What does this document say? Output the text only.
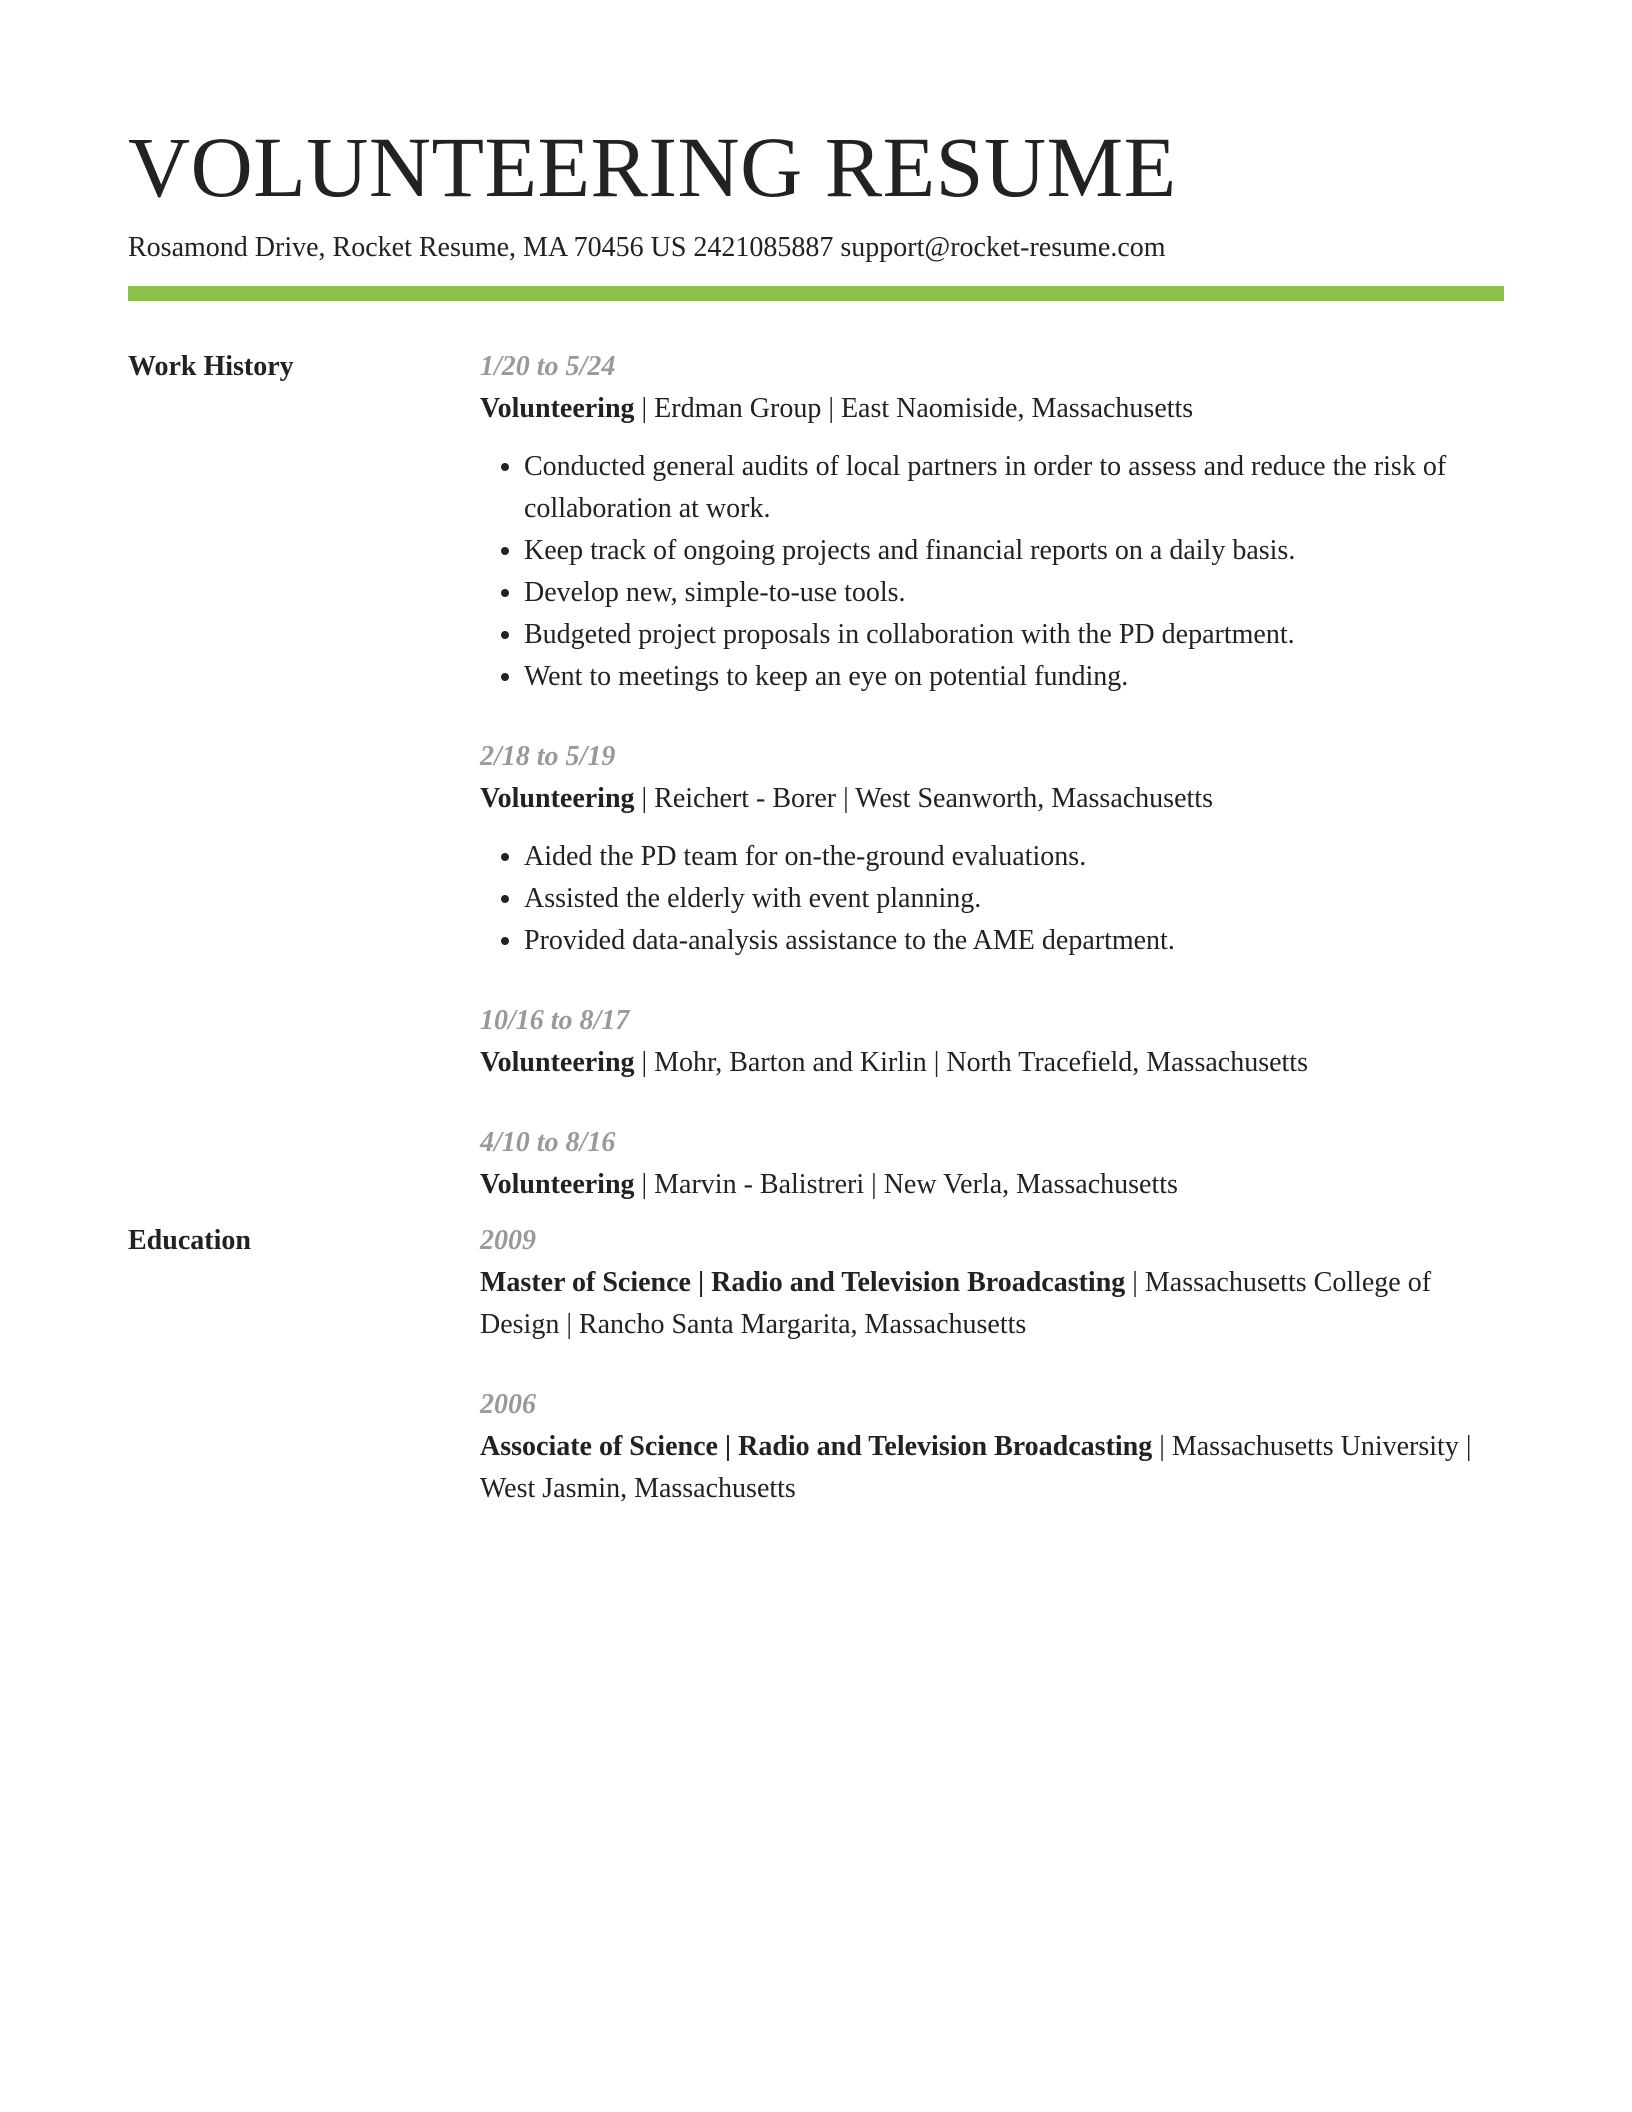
VOLUNTEERING RESUME
Rosamond Drive, Rocket Resume, MA 70456 US 2421085887 support@rocket-resume.com
Work History	1/20 to 5/24

Volunteering | Erdman Group | East Naomiside, Massachusetts

• Conducted general audits of local partners in order to assess and reduce the risk of collaboration at work.
• Keep track of ongoing projects and financial reports on a daily basis.
• Develop new, simple-to-use tools.
• Budgeted project proposals in collaboration with the PD department.
• Went to meetings to keep an eye on potential funding.

2/18 to 5/19

Volunteering | Reichert - Borer | West Seanworth, Massachusetts

• Aided the PD team for on-the-ground evaluations.
• Assisted the elderly with event planning.
• Provided data-analysis assistance to the AME department.

10/16 to 8/17

Volunteering | Mohr, Barton and Kirlin | North Tracefield, Massachusetts

4/10 to 8/16

Volunteering | Marvin - Balistreri | New Verla, Massachusetts

Education	2009

Master of Science | Radio and Television Broadcasting | Massachusetts College of Design | Rancho Santa Margarita, Massachusetts

2006

Associate of Science | Radio and Television Broadcasting | Massachusetts University | West Jasmin, Massachusetts
